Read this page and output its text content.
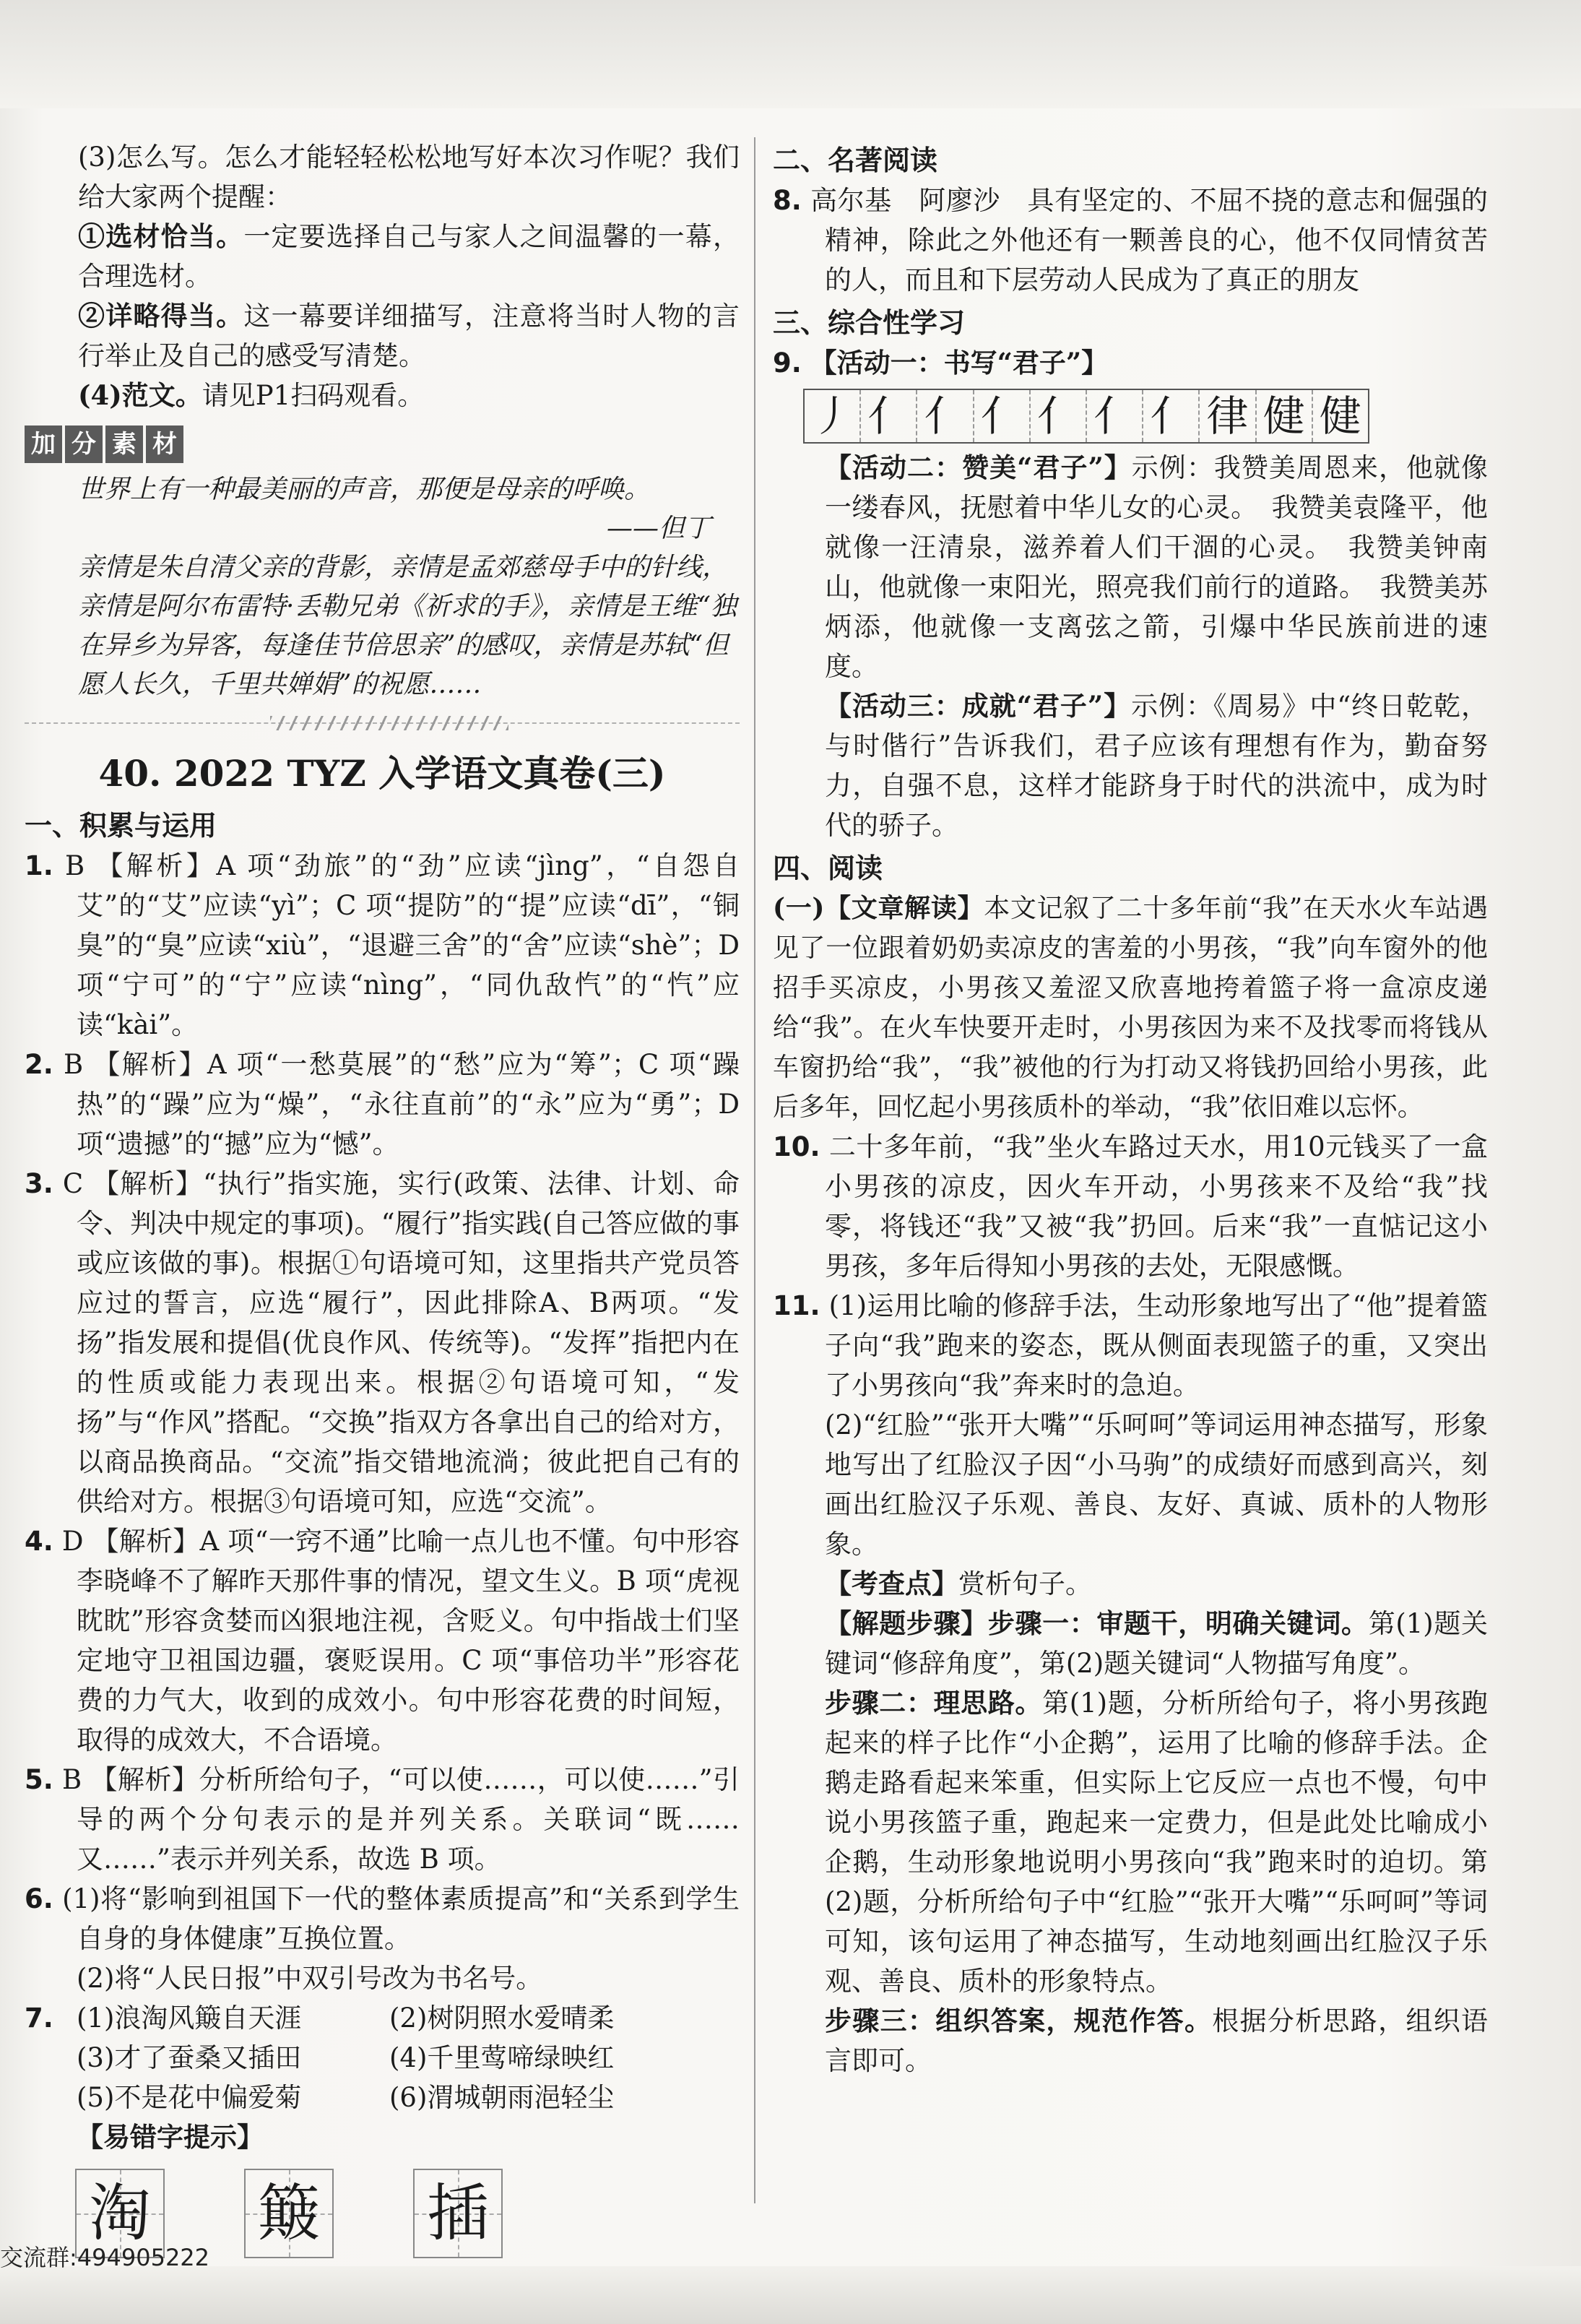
(3)怎么写。怎么才能轻轻松松地写好本次习作呢？我们给大家两个提醒：

①选材恰当。一定要选择自己与家人之间温馨的一幕，合理选材。

②详略得当。这一幕要详细描写，注意将当时人物的言行举止及自己的感受写清楚。

(4)范文。请见P1扫码观看。

加 分 素 材

世界上有一种最美丽的声音，那便是母亲的呼唤。

——但丁

亲情是朱自清父亲的背影，亲情是孟郊慈母手中的针线，亲情是阿尔布雷特·丢勒兄弟《祈求的手》，亲情是王维“独在异乡为异客，每逢佳节倍思亲”的感叹，亲情是苏轼“但愿人长久，千里共婵娟”的祝愿……

40. 2022 TYZ 入学语文真卷(三)
一、积累与运用

1. B 【解析】A 项“劲旅”的“劲”应读“jìng”，“自怨自艾”的“艾”应读“yì”；C 项“提防”的“提”应读“dī”，“铜臭”的“臭”应读“xiù”，“退避三舍”的“舍”应读“shè”；D 项“宁可”的“宁”应读“nìng”，“同仇敌忾”的“忾”应读“kài”。

2. B 【解析】A 项“一愁莫展”的“愁”应为“筹”；C 项“躁热”的“躁”应为“燥”，“永往直前”的“永”应为“勇”；D 项“遗撼”的“撼”应为“憾”。

3. C 【解析】“执行”指实施，实行(政策、法律、计划、命令、判决中规定的事项)。“履行”指实践(自己答应做的事或应该做的事)。根据①句语境可知，这里指共产党员答应过的誓言，应选“履行”，因此排除A、B两项。“发扬”指发展和提倡(优良作风、传统等)。“发挥”指把内在的性质或能力表现出来。根据②句语境可知，“发扬”与“作风”搭配。“交换”指双方各拿出自己的给对方，以商品换商品。“交流”指交错地流淌；彼此把自己有的供给对方。根据③句语境可知，应选“交流”。

4. D 【解析】A 项“一窍不通”比喻一点儿也不懂。句中形容李晓峰不了解昨天那件事的情况，望文生义。B 项“虎视眈眈”形容贪婪而凶狠地注视，含贬义。句中指战士们坚定地守卫祖国边疆，褒贬误用。C 项“事倍功半”形容花费的力气大，收到的成效小。句中形容花费的时间短，取得的成效大，不合语境。

5. B 【解析】分析所给句子，“可以使……，可以使……”引导的两个分句表示的是并列关系。关联词“既……又……”表示并列关系，故选 B 项。

6. (1)将“影响到祖国下一代的整体素质提高”和“关系到学生自身的身体健康”互换位置。

(2)将“人民日报”中双引号改为书名号。

7. (1)浪淘风簸自天涯	(2)树阴照水爱晴柔

(3)才了蚕桑又插田	(4)千里莺啼绿映红

(5)不是花中偏爱菊	(6)渭城朝雨浥轻尘

【易错字提示】

淘 簸 插
二、名著阅读

8. 高尔基　阿廖沙　具有坚定的、不屈不挠的意志和倔强的精神，除此之外他还有一颗善良的心，他不仅同情贫苦的人，而且和下层劳动人民成为了真正的朋友

三、综合性学习

9. 【活动一：书写“君子”】

丿 亻 亻 亻 亻 亻 亻 律 健 健

【活动二：赞美“君子”】示例：我赞美周恩来，他就像一缕春风，抚慰着中华儿女的心灵。　我赞美袁隆平，他就像一汪清泉，滋养着人们干涸的心灵。　我赞美钟南山，他就像一束阳光，照亮我们前行的道路。　我赞美苏炳添，他就像一支离弦之箭，引爆中华民族前进的速度。

【活动三：成就“君子”】示例：《周易》中“终日乾乾，与时偕行”告诉我们，君子应该有理想有作为，勤奋努力，自强不息，这样才能跻身于时代的洪流中，成为时代的骄子。

四、阅读

(一)【文章解读】本文记叙了二十多年前“我”在天水火车站遇见了一位跟着奶奶卖凉皮的害羞的小男孩，“我”向车窗外的他招手买凉皮，小男孩又羞涩又欣喜地挎着篮子将一盒凉皮递给“我”。在火车快要开走时，小男孩因为来不及找零而将钱从车窗扔给“我”，“我”被他的行为打动又将钱扔回给小男孩，此后多年，回忆起小男孩质朴的举动，“我”依旧难以忘怀。

10. 二十多年前，“我”坐火车路过天水，用10元钱买了一盒小男孩的凉皮，因火车开动，小男孩来不及给“我”找零，将钱还“我”又被“我”扔回。后来“我”一直惦记这小男孩，多年后得知小男孩的去处，无限感慨。

11. (1)运用比喻的修辞手法，生动形象地写出了“他”提着篮子向“我”跑来的姿态，既从侧面表现篮子的重，又突出了小男孩向“我”奔来时的急迫。

(2)“红脸”“张开大嘴”“乐呵呵”等词运用神态描写，形象地写出了红脸汉子因“小马驹”的成绩好而感到高兴，刻画出红脸汉子乐观、善良、友好、真诚、质朴的人物形象。

【考查点】赏析句子。

【解题步骤】步骤一：审题干，明确关键词。第(1)题关键词“修辞角度”，第(2)题关键词“人物描写角度”。

步骤二：理思路。第(1)题，分析所给句子，将小男孩跑起来的样子比作“小企鹅”，运用了比喻的修辞手法。企鹅走路看起来笨重，但实际上它反应一点也不慢，句中说小男孩篮子重，跑起来一定费力，但是此处比喻成小企鹅，生动形象地说明小男孩向“我”跑来时的迫切。第(2)题，分析所给句子中“红脸”“张开大嘴”“乐呵呵”等词可知，该句运用了神态描写，生动地刻画出红脸汉子乐观、善良、质朴的形象特点。

步骤三：组织答案，规范作答。根据分析思路，组织语言即可。

交流群:494905222
